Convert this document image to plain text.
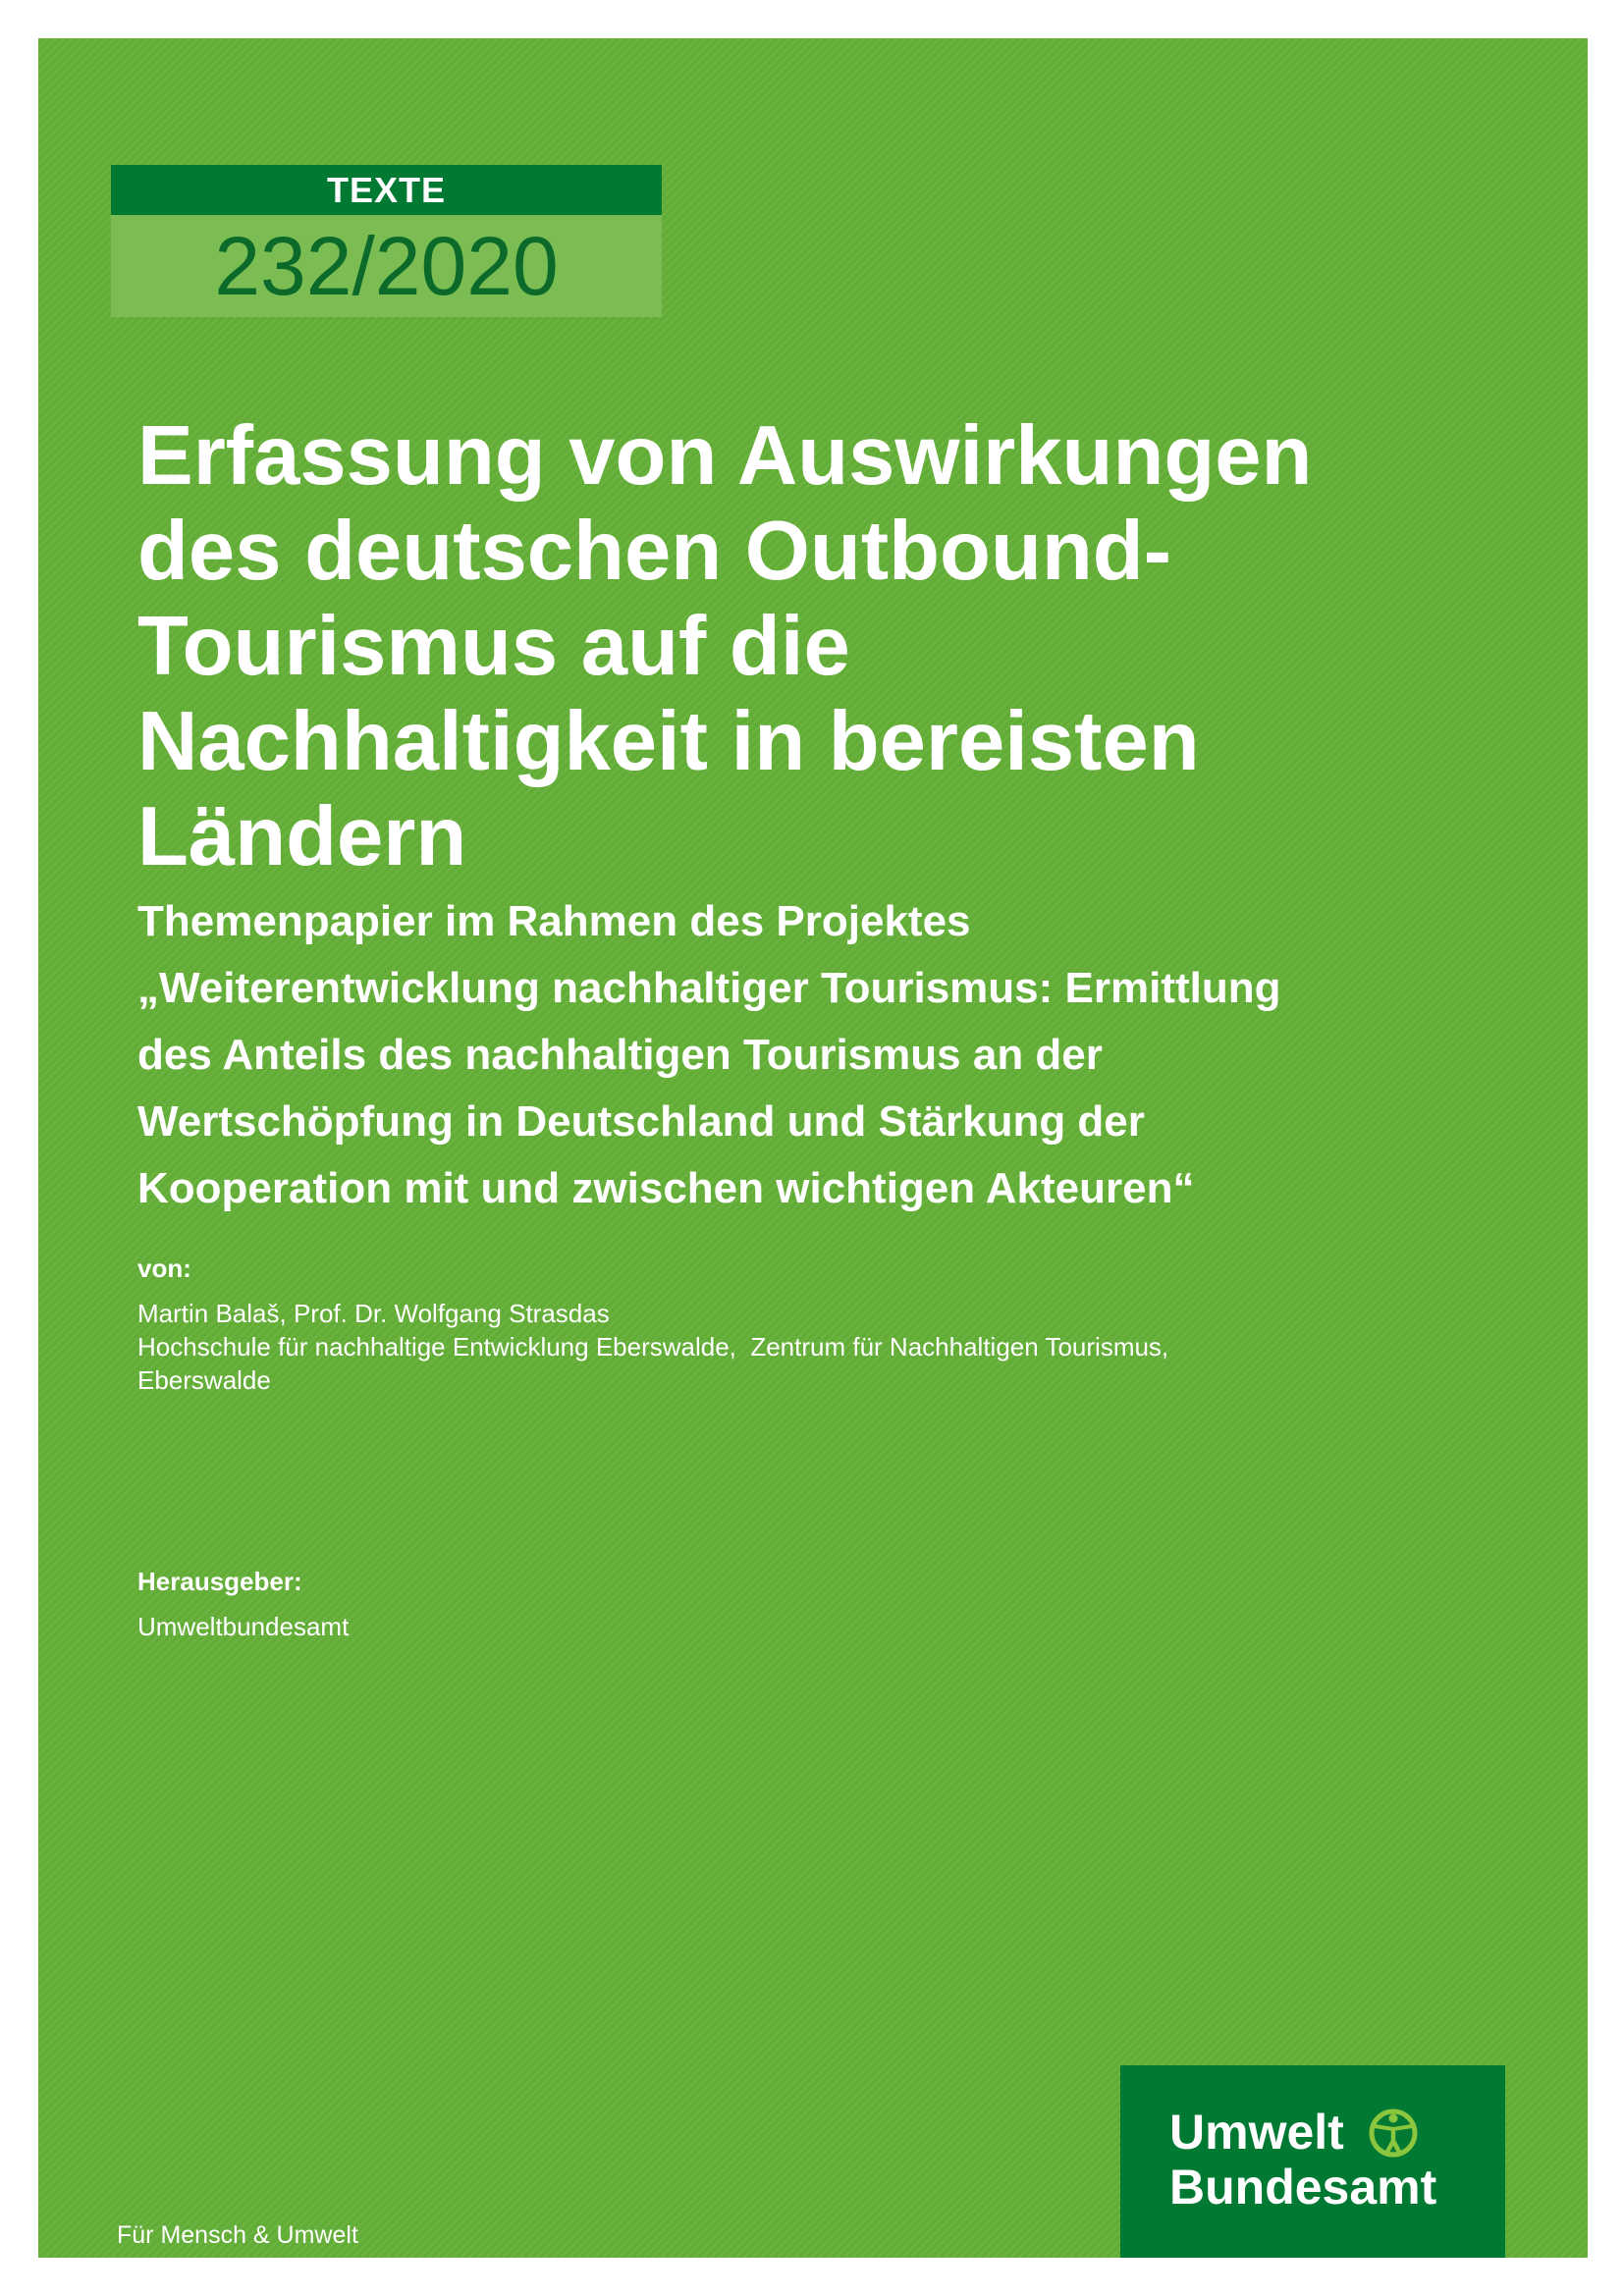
TEXTE
232/2020
Erfassung von Auswirkungen
des deutschen Outbound-
Tourismus auf die
Nachhaltigkeit in bereisten
Ländern
Themenpapier im Rahmen des Projektes
„Weiterentwicklung nachhaltiger Tourismus: Ermittlung
des Anteils des nachhaltigen Tourismus an der
Wertschöpfung in Deutschland und Stärkung der
Kooperation mit und zwischen wichtigen Akteuren“
von:
Martin Balaš, Prof. Dr. Wolfgang Strasdas
Hochschule für nachhaltige Entwicklung Eberswalde,  Zentrum für Nachhaltigen Tourismus,
Eberswalde
Herausgeber:
Umweltbundesamt
Für Mensch & Umwelt
Umwelt
Bundesamt
